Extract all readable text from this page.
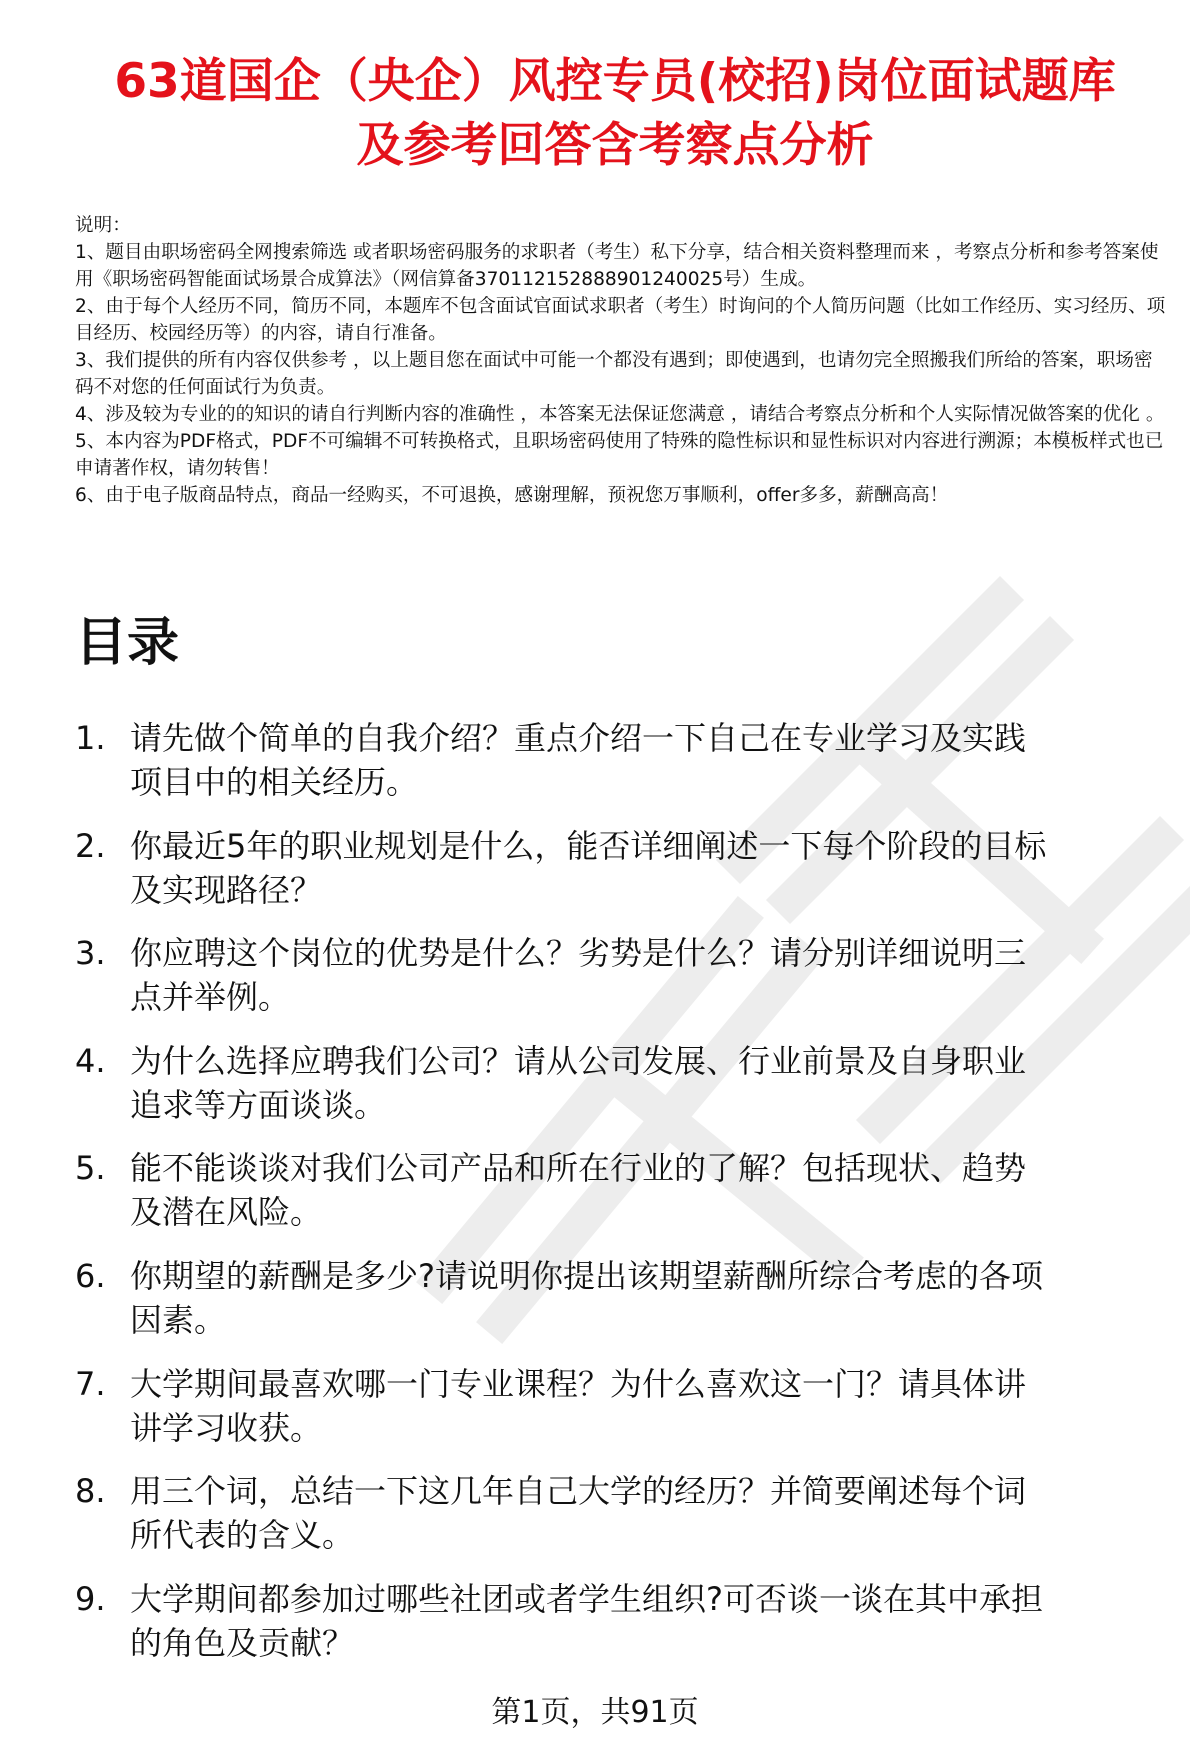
63道国企（央企）风控专员(校招)岗位面试题库
及参考回答含考察点分析

说明：

1、题目由职场密码全网搜索筛选 或者职场密码服务的求职者（考生）私下分享，结合相关资料整理而来 ，考察点分析和参考答案使用《职场密码智能面试场景合成算法》（网信算备370112152888901240025号）生成。

2、由于每个人经历不同，简历不同，本题库不包含面试官面试求职者（考生）时询问的个人简历问题（比如工作经历、实习经历、项目经历、校园经历等）的内容，请自行准备。

3、我们提供的所有内容仅供参考 ，以上题目您在面试中可能一个都没有遇到；即使遇到，也请勿完全照搬我们所给的答案，职场密码不对您的任何面试行为负责。

4、涉及较为专业的的知识的请自行判断内容的准确性 ，本答案无法保证您满意 ，请结合考察点分析和个人实际情况做答案的优化 。

5、本内容为PDF格式，PDF不可编辑不可转换格式，且职场密码使用了特殊的隐性标识和显性标识对内容进行溯源；本模板样式也已申请著作权，请勿转售！

6、由于电子版商品特点，商品一经购买，不可退换，感谢理解，预祝您万事顺利，offer多多，薪酬高高！

目录
1. 请先做个简单的自我介绍？重点介绍一下自己在专业学习及实践
项目中的相关经历。
2. 你最近5年的职业规划是什么，能否详细阐述一下每个阶段的目标
及实现路径？
3. 你应聘这个岗位的优势是什么？劣势是什么？请分别详细说明三
点并举例。
4. 为什么选择应聘我们公司？请从公司发展、行业前景及自身职业
追求等方面谈谈。
5. 能不能谈谈对我们公司产品和所在行业的了解？包括现状、趋势
及潜在风险。
6. 你期望的薪酬是多少?请说明你提出该期望薪酬所综合考虑的各项
因素。
7. 大学期间最喜欢哪一门专业课程？为什么喜欢这一门？请具体讲
讲学习收获。
8. 用三个词，总结一下这几年自己大学的经历？并简要阐述每个词
所代表的含义。
9. 大学期间都参加过哪些社团或者学生组织?可否谈一谈在其中承担
的角色及贡献？
第1页，共91页
